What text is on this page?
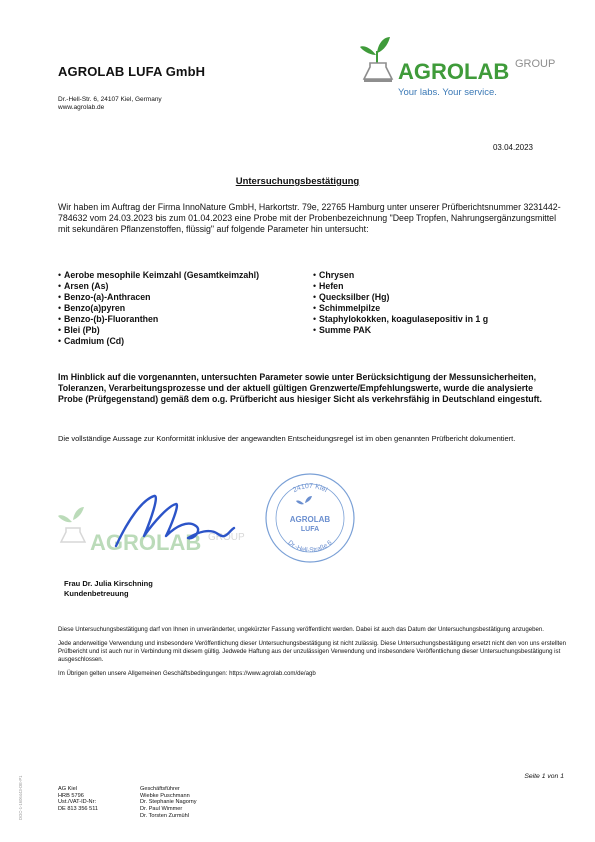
AGROLAB LUFA GmbH
Dr.-Hell-Str. 6, 24107 Kiel, Germany
www.agrolab.de
AGROLAB GROUP
Your labs. Your service.
03.04.2023
Untersuchungsbestätigung
Wir haben im Auftrag der Firma InnoNature GmbH, Harkortstr. 79e, 22765 Hamburg unter unserer Prüfberichtsnummer 3231442-784632 vom 24.03.2023 bis zum 01.04.2023 eine Probe mit der Probenbezeichnung "Deep Tropfen, Nahrungsergänzungsmittel mit sekundären Pflanzenstoffen, flüssig" auf folgende Parameter hin untersucht:
• Aerobe mesophile Keimzahl (Gesamtkeimzahl)
• Arsen (As)
• Benzo-(a)-Anthracen
• Benzo(a)pyren
• Benzo-(b)-Fluoranthen
• Blei (Pb)
• Cadmium (Cd)
• Chrysen
• Hefen
• Quecksilber (Hg)
• Schimmelpilze
• Staphylokokken, koagulasepositiv in 1 g
• Summe PAK
Im Hinblick auf die vorgenannten, untersuchten Parameter sowie unter Berücksichtigung der Messunsicherheiten, Toleranzen, Verarbeitungsprozesse und der aktuell gültigen Grenzwerte/Empfehlungswerte, wurde die analysierte Probe (Prüfgegenstand) gemäß dem o.g. Prüfbericht aus hiesiger Sicht als verkehrsfähig in Deutschland eingestuft.
Die vollständige Aussage zur Konformität inklusive der angewandten Entscheidungsregel ist im oben genannten Prüfbericht dokumentiert.
AGROLAB GROUP
24107 Kiel
Dr.-Hell-Straße 6
AGROLAB
LUFA
Frau Dr. Julia Kirschning
Kundenbetreuung

Diese Untersuchungsbestätigung darf von Ihnen in unveränderter, ungekürzter Fassung veröffentlicht werden. Dabei ist auch das Datum der Untersuchungsbestätigung anzugeben.

Jede anderweitige Verwendung und insbesondere Veröffentlichung dieser Untersuchungsbestätigung ist nicht zulässig. Diese Untersuchungsbestätigung ersetzt nicht den von uns erstellten Prüfbericht und ist auch nur in Verbindung mit diesem gültig. Jedwede Haftung aus der unzulässigen Verwendung und insbesondere Veröffentlichung dieser Untersuchungsbestätigung ist ausgeschlossen.

Im Übrigen gelten unsere Allgemeinen Geschäftsbedingungen: https://www.agrolab.com/de/agb

DOC-1-1606443-DE-P1	Seite 1 von 1
AG Kiel
HRB 5796
Ust./VAT-ID-Nr:
DE 813 356 511
Geschäftsführer
Wiebke Puschmann
Dr. Stephanie Nagorny
Dr. Paul Wimmer
Dr. Torsten Zurmühl
